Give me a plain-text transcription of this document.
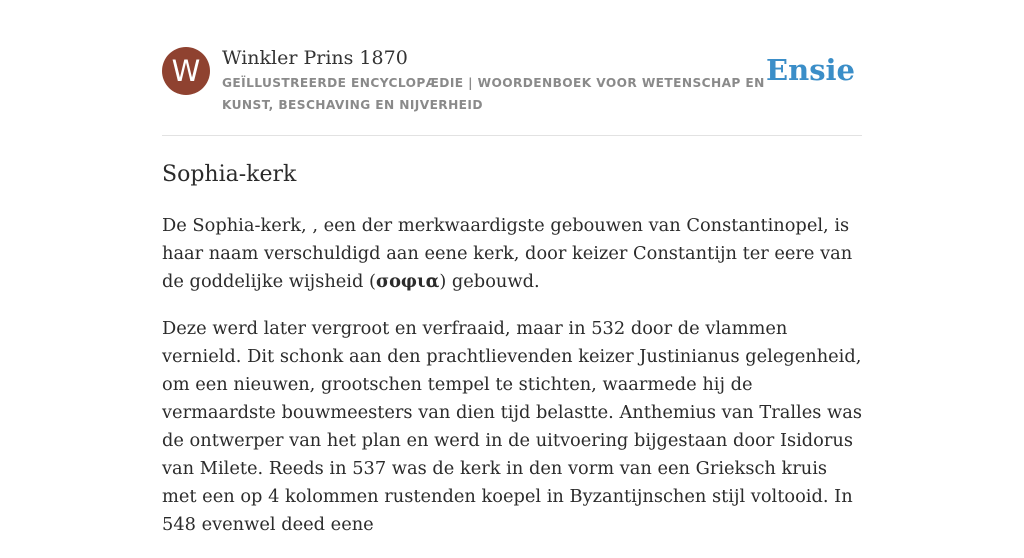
W	Winkler Prins 1870
GEÏLLUSTREERDE ENCYCLOPÆDIE | WOORDENBOEK VOOR WETENSCHAP EN KUNST, BESCHAVING EN NIJVERHEID
Ensie
Sophia-kerk

De Sophia-kerk, , een der merkwaardigste gebouwen van Constantinopel, is haar naam verschuldigd aan eene kerk, door keizer Constantijn ter eere van de goddelijke wijsheid (σοφια) gebouwd.

Deze werd later vergroot en verfraaid, maar in 532 door de vlammen vernield. Dit schonk aan den prachtlievenden keizer Justinianus gelegenheid, om een nieuwen, grootschen tempel te stichten, waarmede hij de vermaardste bouwmeesters van dien tijd belastte. Anthemius van Tralles was de ontwerper van het plan en werd in de uitvoering bijgestaan door Isidorus van Milete. Reeds in 537 was de kerk in den vorm van een Grieksch kruis met een op 4 kolommen rustenden koepel in Byzantijnschen stijl voltooid. In 548 evenwel deed eene
